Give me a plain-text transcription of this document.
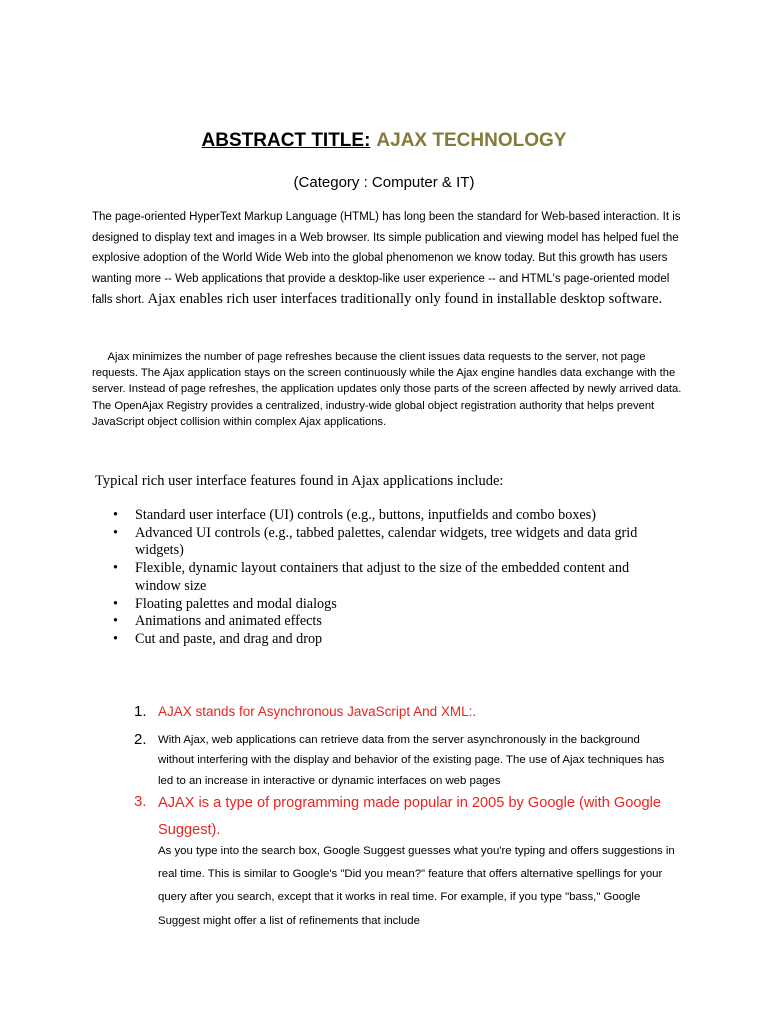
ABSTRACT TITLE: AJAX TECHNOLOGY
(Category : Computer & IT)
The page-oriented HyperText Markup Language (HTML) has long been the standard for Web-based interaction. It is designed to display text and images in a Web browser. Its simple publication and viewing model has helped fuel the explosive adoption of the World Wide Web into the global phenomenon we know today. But this growth has users wanting more -- Web applications that provide a desktop-like user experience -- and HTML's page-oriented model falls short. Ajax enables rich user interfaces traditionally only found in installable desktop software.
Ajax minimizes the number of page refreshes because the client issues data requests to the server, not page requests. The Ajax application stays on the screen continuously while the Ajax engine handles data exchange with the server. Instead of page refreshes, the application updates only those parts of the screen affected by newly arrived data. The OpenAjax Registry provides a centralized, industry-wide global object registration authority that helps prevent JavaScript object collision within complex Ajax applications.
Typical rich user interface features found in Ajax applications include:
• Standard user interface (UI) controls (e.g., buttons, inputfields and combo boxes)
• Advanced UI controls (e.g., tabbed palettes, calendar widgets, tree widgets and data grid widgets)
• Flexible, dynamic layout containers that adjust to the size of the embedded content and window size
• Floating palettes and modal dialogs
• Animations and animated effects
• Cut and paste, and drag and drop
1. AJAX stands for Asynchronous JavaScript And XML:.
2. With Ajax, web applications can retrieve data from the server asynchronously in the background without interfering with the display and behavior of the existing page. The use of Ajax techniques has led to an increase in interactive or dynamic interfaces on web pages
3. AJAX is a type of programming made popular in 2005 by Google (with Google Suggest).
As you type into the search box, Google Suggest guesses what you're typing and offers suggestions in real time. This is similar to Google's "Did you mean?" feature that offers alternative spellings for your query after you search, except that it works in real time. For example, if you type "bass," Google Suggest might offer a list of refinements that include
